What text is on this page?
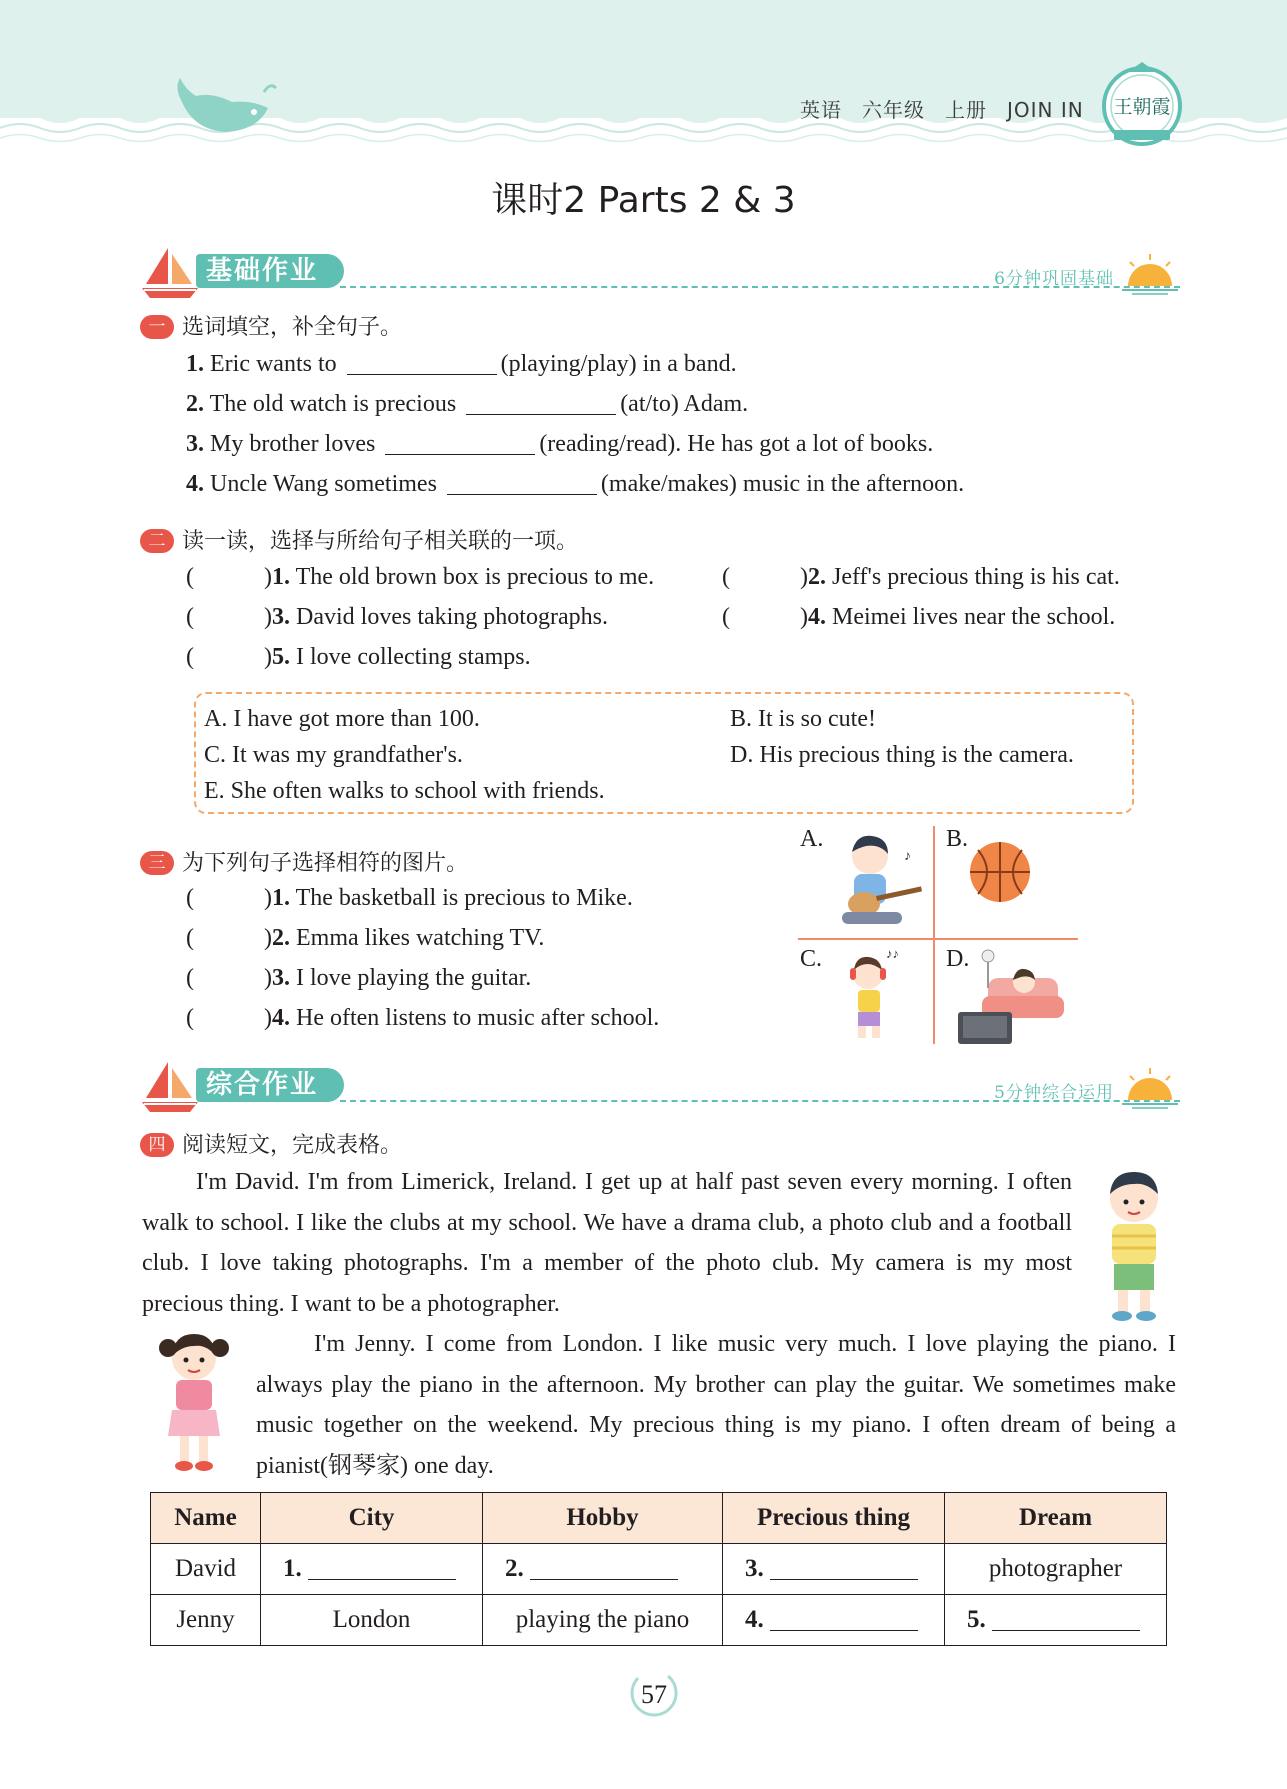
英语 六年级 上册 JOIN IN	王朝霞
课时2 Parts 2 & 3
基础作业	6分钟巩固基础
一 选词填空，补全句子。
1. Eric wants to	(playing/play) in a band.
2. The old watch is precious	(at/to) Adam.
3. My brother loves	(reading/read). He has got a lot of books.
4. Uncle Wang sometimes	(make/makes) music in the afternoon.
二 读一读，选择与所给句子相关联的一项。
(	)1. The old brown box is precious to me.	(	)2. Jeff's precious thing is his cat.
(	)3. David loves taking photographs.	(	)4. Meimei lives near the school.
(	)5. I love collecting stamps.
A. I have got more than 100.	B. It is so cute!
C. It was my grandfather's.	D. His precious thing is the camera.
E. She often walks to school with friends.
三 为下列句子选择相符的图片。
(	)1. The basketball is precious to Mike.
(	)2. Emma likes watching TV.
(	)3. I love playing the guitar.
(	)4. He often listens to music after school.
A.	B.
C.	D.
♪
♪♪
综合作业	5分钟综合运用
四 阅读短文，完成表格。
I'm David. I'm from Limerick, Ireland. I get up at half past seven every morning. I often walk to school. I like the clubs at my school. We have a drama club, a photo club and a football club. I love taking photographs. I'm a member of the photo club. My camera is my most precious thing. I want to be a photographer.
I'm Jenny. I come from London. I like music very much. I love playing the piano. I always play the piano in the afternoon. My brother can play the guitar. We sometimes make music together on the weekend. My precious thing is my piano. I often dream of being a pianist(钢琴家) one day.
Name	City	Hobby	Precious thing	Dream
David	1.	2.	3.	photographer
Jenny	London	playing the piano	4.	5.
57
